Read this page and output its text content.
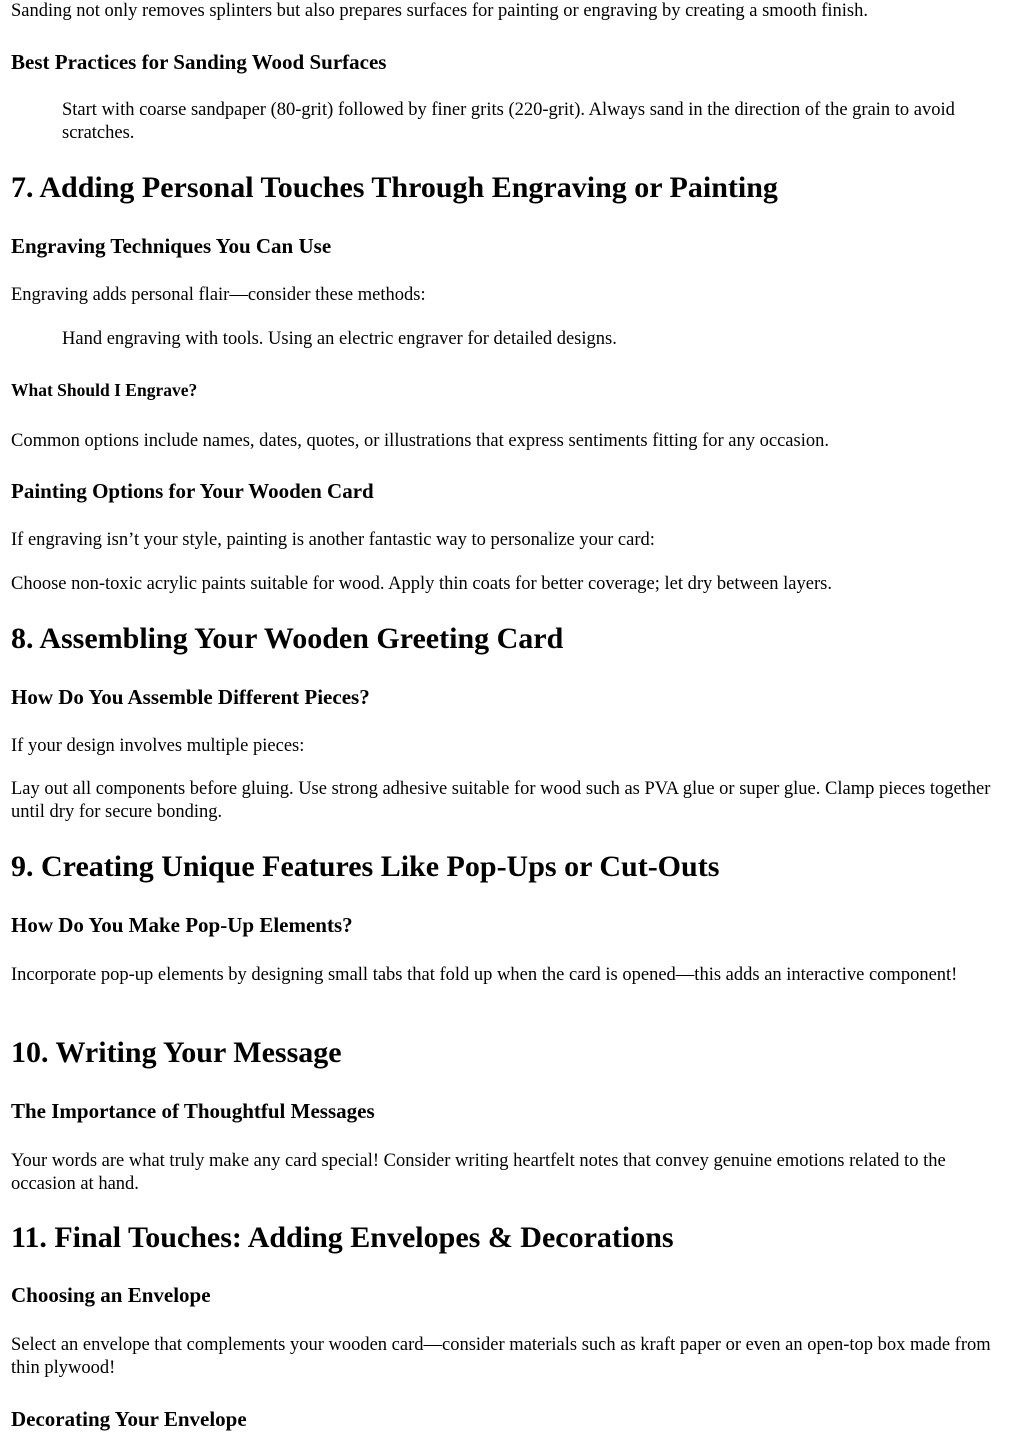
Sanding not only removes splinters but also prepares surfaces for painting or engraving by creating a smooth finish.

Best Practices for Sanding Wood Surfaces

Start with coarse sandpaper (80-grit) followed by finer grits (220-grit). Always sand in the direction of the grain to avoid scratches.

7. Adding Personal Touches Through Engraving or Painting
Engraving Techniques You Can Use

Engraving adds personal flair—consider these methods:

Hand engraving with tools. Using an electric engraver for detailed designs.

What Should I Engrave?

Common options include names, dates, quotes, or illustrations that express sentiments fitting for any occasion.

Painting Options for Your Wooden Card

If engraving isn’t your style, painting is another fantastic way to personalize your card:

Choose non-toxic acrylic paints suitable for wood. Apply thin coats for better coverage; let dry between layers.

8. Assembling Your Wooden Greeting Card
How Do You Assemble Different Pieces?

If your design involves multiple pieces:

Lay out all components before gluing. Use strong adhesive suitable for wood such as PVA glue or super glue. Clamp pieces together until dry for secure bonding.

9. Creating Unique Features Like Pop-Ups or Cut-Outs
How Do You Make Pop-Up Elements?

Incorporate pop-up elements by designing small tabs that fold up when the card is opened—this adds an interactive component!

10. Writing Your Message
The Importance of Thoughtful Messages

Your words are what truly make any card special! Consider writing heartfelt notes that convey genuine emotions related to the occasion at hand.

11. Final Touches: Adding Envelopes & Decorations
Choosing an Envelope

Select an envelope that complements your wooden card—consider materials such as kraft paper or even an open-top box made from thin plywood!

Decorating Your Envelope
